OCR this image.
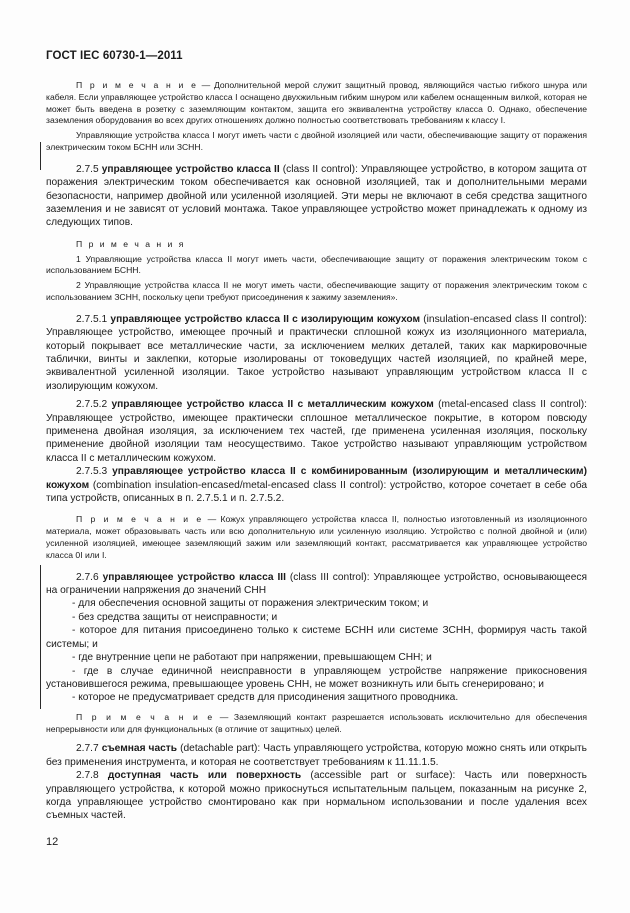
ГОСТ IEC 60730-1—2011

П р и м е ч а н и е — Дополнительной мерой служит защитный провод, являющийся частью гибкого шнура или кабеля. Если управляющее устройство класса I оснащено двухжильным гибким шнуром или кабелем оснащенным вилкой, которая не может быть введена в розетку с заземляющим контактом, защита его эквивалентна устройству класса 0. Однако, обеспечение заземления оборудования во всех других отношениях должно полностью соответствовать требованиям к классу I.

Управляющие устройства класса I могут иметь части с двойной изоляцией или части, обеспечивающие защиту от поражения электрическим током БСНН или ЗСНН.

2.7.5 управляющее устройство класса II (class II control): Управляющее устройство, в котором защита от поражения электрическим током обеспечивается как основной изоляцией, так и дополнительными мерами безопасности, например двойной или усиленной изоляцией. Эти меры не включают в себя средства защитного заземления и не зависят от условий монтажа. Такое управляющее устройство может принадлежать к одному из следующих типов.

П р и м е ч а н и я

1 Управляющие устройства класса II могут иметь части, обеспечивающие защиту от поражения электрическим током с использованием БСНН.

2 Управляющие устройства класса II не могут иметь части, обеспечивающие защиту от поражения электрическим током с использованием ЗСНН, поскольку цепи требуют присоединения к зажиму заземления».

2.7.5.1 управляющее устройство класса II с изолирующим кожухом (insulation-encased class II control): Управляющее устройство, имеющее прочный и практически сплошной кожух из изоляционного материала, который покрывает все металлические части, за исключением мелких деталей, таких как маркировочные таблички, винты и заклепки, которые изолированы от токоведущих частей изоляцией, по крайней мере, эквивалентной усиленной изоляции. Такое устройство называют управляющим устройством класса II с изолирующим кожухом.

2.7.5.2 управляющее устройство класса II с металлическим кожухом (metal-encased class II control): Управляющее устройство, имеющее практически сплошное металлическое покрытие, в котором повсюду применена двойная изоляция, за исключением тех частей, где применена усиленная изоляция, поскольку применение двойной изоляции там неосуществимо. Такое устройство называют управляющим устройством класса II с металлическим кожухом.

2.7.5.3 управляющее устройство класса II с комбинированным (изолирующим и металлическим) кожухом (combination insulation-encased/metal-encased class II control): устройство, которое сочетает в себе оба типа устройств, описанных в п. 2.7.5.1 и п. 2.7.5.2.

П р и м е ч а н и е — Кожух управляющего устройства класса II, полностью изготовленный из изоляционного материала, может образовывать часть или всю дополнительную или усиленную изоляцию. Устройство с полной двойной и (или) усиленной изоляцией, имеющее заземляющий зажим или заземляющий контакт, рассматривается как управляющее устройство класса 0I или I.

2.7.6 управляющее устройство класса III (class III control): Управляющее устройство, основывающееся на ограничении напряжения до значений СНН

- для обеспечения основной защиты от поражения электрическим током; и

- без средства защиты от неисправности; и

- которое для питания присоединено только к системе БСНН или системе ЗСНН, формируя часть такой системы; и

- где внутренние цепи не работают при напряжении, превышающем СНН; и

- где в случае единичной неисправности в управляющем устройстве напряжение прикосновения установившегося режима, превышающее уровень СНН, не может возникнуть или быть сгенерировано; и

- которое не предусматривает средств для присодинения защитного проводника.

П р и м е ч а н и е — Заземляющий контакт разрешается использовать исключительно для обеспечения непрерывности или для функциональных (в отличие от защитных) целей.

2.7.7 съемная часть (detachable part): Часть управляющего устройства, которую можно снять или открыть без применения инструмента, и которая не соответствует требованиям к 11.11.1.5.

2.7.8 доступная часть или поверхность (accessible part or surface): Часть или поверхность управляющего устройства, к которой можно прикоснуться испытательным пальцем, показанным на рисунке 2, когда управляющее устройство смонтировано как при нормальном использовании и после удаления всех съемных частей.

12
